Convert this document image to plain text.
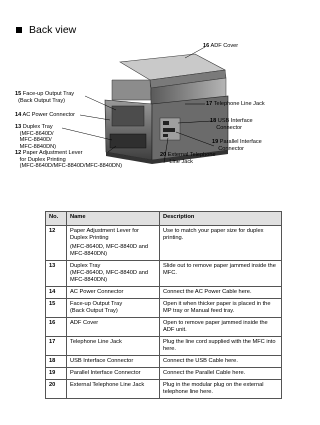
Back view
16 ADF Cover
15 Face-up Output Tray
(Back Output Tray)
17 Telephone Line Jack
14 AC Power Connector
13 Duplex Tray
(MFC-8640D/
MFC-8840D/
MFC-8840DN)
18 USB Interface
Connector
19 Parallel Interface
Connector
12 Paper Adjustment Lever
for Duplex Printing
(MFC-8640D/MFC-8840D/MFC-8840DN)
20 External Telephone
Line Jack
No.	Name	Description
12	Paper Adjustment Lever for Duplex Printing
(MFC-8640D, MFC-8840D and MFC-8840DN)	Use to match your paper size for duplex printing.
13	Duplex Tray
(MFC-8640D, MFC-8840D and MFC-8840DN)	Slide out to remove paper jammed inside the MFC.
14	AC Power Connector	Connect the AC Power Cable here.
15	Face-up Output Tray
(Back Output Tray)	Open it when thicker paper is placed in the MP tray or Manual feed tray.
16	ADF Cover	Open to remove paper jammed inside the ADF unit.
17	Telephone Line Jack	Plug the line cord supplied with the MFC into here.
18	USB Interface Connector	Connect the USB Cable here.
19	Parallel Interface Connector	Connect the Parallel Cable here.
20	External Telephone Line Jack	Plug in the modular plug on the external telephone line here.
